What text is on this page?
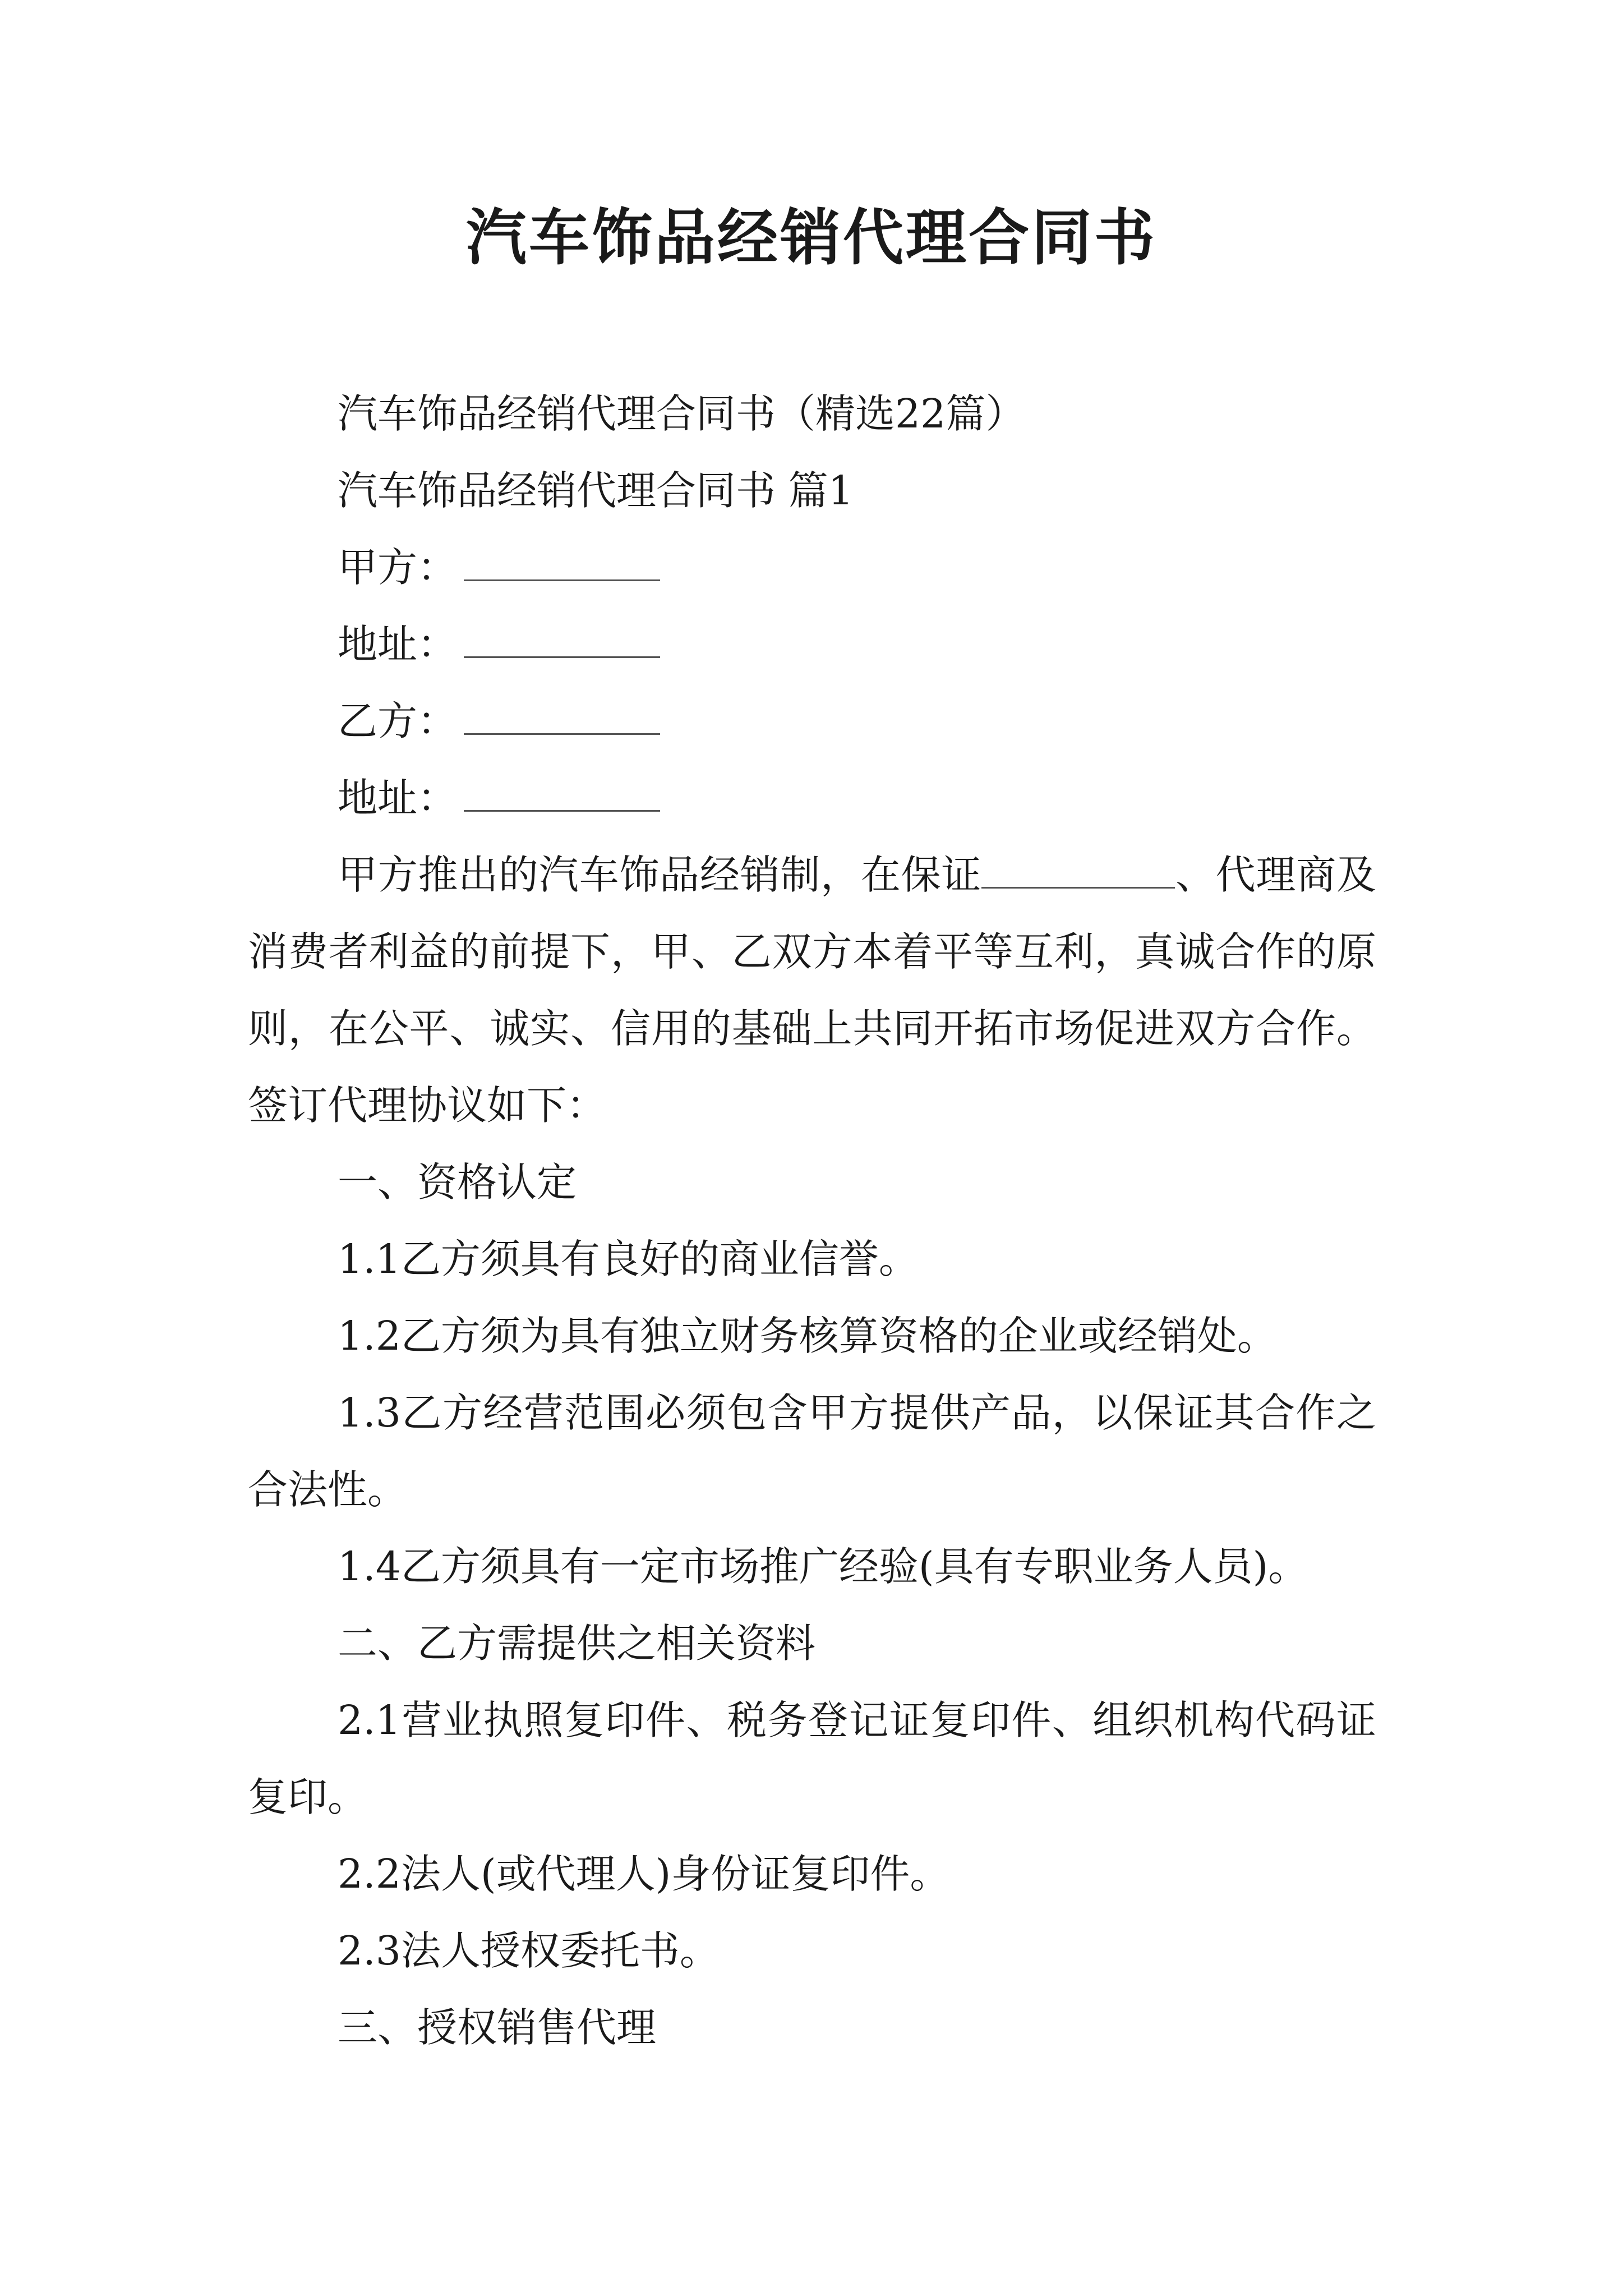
汽车饰品经销代理合同书

汽车饰品经销代理合同书（精选22篇）

汽车饰品经销代理合同书 篇1

甲方：

地址：

乙方：

地址：

甲方推出的汽车饰品经销制，在保证	、代理商及消费者利益的前提下，甲、乙双方本着平等互利，真诚合作的原则，在公平、诚实、信用的基础上共同开拓市场促进双方合作。签订代理协议如下：

一、资格认定

1.1乙方须具有良好的商业信誉。

1.2乙方须为具有独立财务核算资格的企业或经销处。

1.3乙方经营范围必须包含甲方提供产品，以保证其合作之合法性。

1.4乙方须具有一定市场推广经验(具有专职业务人员)。

二、乙方需提供之相关资料

2.1营业执照复印件、税务登记证复印件、组织机构代码证复印。

2.2法人(或代理人)身份证复印件。

2.3法人授权委托书。

三、授权销售代理
